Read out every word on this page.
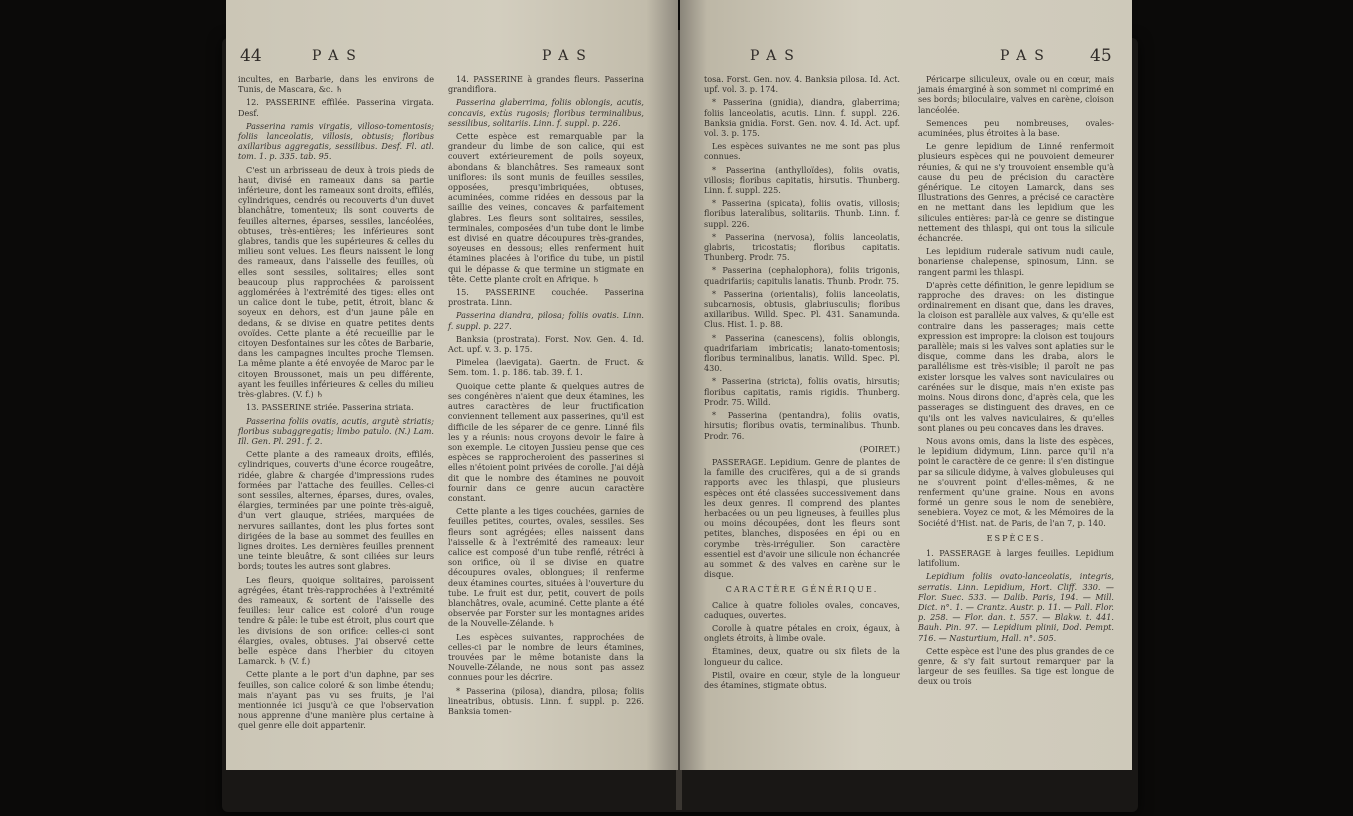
44	PAS	PAS

incultes, en Barbarie, dans les environs de Tunis, de Mascara, &c. ♄

12. PASSERINE effilée. Passerina virgata. Desf.

Passerina ramis virgatis, villoso-tomentosis; foliis lanceolatis, villosis, obtusis; floribus axillaribus aggregatis, sessilibus. Desf. Fl. atl. tom. 1. p. 335. tab. 95.

C'est un arbrisseau de deux à trois pieds de haut, divisé en rameaux dans sa partie inférieure, dont les rameaux sont droits, effilés, cylindriques, cendrés ou recouverts d'un duvet blanchâtre, tomenteux; ils sont couverts de feuilles alternes, éparses, sessiles, lancéolées, obtuses, très-entières; les inférieures sont glabres, tandis que les supérieures & celles du milieu sont velues. Les fleurs naissent le long des rameaux, dans l'aisselle des feuilles, où elles sont sessiles, solitaires; elles sont beaucoup plus rapprochées & paroissent agglomérées à l'extrémité des tiges: elles ont un calice dont le tube, petit, étroit, blanc & soyeux en dehors, est d'un jaune pâle en dedans, & se divise en quatre petites dents ovoïdes. Cette plante a été recueillie par le citoyen Desfontaines sur les côtes de Barbarie, dans les campagnes incultes proche Tlemsen. La même plante a été envoyée de Maroc par le citoyen Broussonet, mais un peu différente, ayant les feuilles inférieures & celles du milieu très-glabres. (V. f.) ♄

13. PASSERINE striée. Passerina striata.

Passerina foliis ovatis, acutis, argutè striatis; floribus subaggregatis; limbo patulo. (N.) Lam. Ill. Gen. Pl. 291. f. 2.

Cette plante a des rameaux droits, effilés, cylindriques, couverts d'une écorce rougeâtre, ridée, glabre & chargée d'impressions rudes formées par l'attache des feuilles. Celles-ci sont sessiles, alternes, éparses, dures, ovales, élargies, terminées par une pointe très-aiguë, d'un vert glauque, striées, marquées de nervures saillantes, dont les plus fortes sont dirigées de la base au sommet des feuilles en lignes droites. Les dernières feuilles prennent une teinte bleuâtre, & sont ciliées sur leurs bords; toutes les autres sont glabres.

Les fleurs, quoique solitaires, paroissent agrégées, étant très-rapprochées à l'extrémité des rameaux, & sortent de l'aisselle des feuilles: leur calice est coloré d'un rouge tendre & pâle: le tube est étroit, plus court que les divisions de son orifice: celles-ci sont élargies, ovales, obtuses. J'ai observé cette belle espèce dans l'herbier du citoyen Lamarck. ♄ (V. f.)

Cette plante a le port d'un daphne, par ses feuilles, son calice coloré & son limbe étendu; mais n'ayant pas vu ses fruits, je l'ai mentionnée ici jusqu'à ce que l'observation nous apprenne d'une manière plus certaine à quel genre elle doit appartenir.

14. PASSERINE à grandes fleurs. Passerina grandiflora.

Passerina glaberrima, foliis oblongis, acutis, concavis, extùs rugosis; floribus terminalibus, sessilibus, solitariis. Linn. f. suppl. p. 226.

Cette espèce est remarquable par la grandeur du limbe de son calice, qui est couvert extérieurement de poils soyeux, abondans & blanchâtres. Ses rameaux sont uniflores: ils sont munis de feuilles sessiles, opposées, presqu'imbriquées, obtuses, acuminées, comme ridées en dessous par la saillie des veines, concaves & parfaitement glabres. Les fleurs sont solitaires, sessiles, terminales, composées d'un tube dont le limbe est divisé en quatre découpures très-grandes, soyeuses en dessous; elles renferment huit étamines placées à l'orifice du tube, un pistil qui le dépasse & que termine un stigmate en tête. Cette plante croît en Afrique. ♄

15. PASSERINE couchée. Passerina prostrata. Linn.

Passerina diandra, pilosa; foliis ovatis. Linn. f. suppl. p. 227.

Banksia (prostrata). Forst. Nov. Gen. 4. Id. Act. upf. v. 3. p. 175.

Pimelea (laevigata). Gaertn. de Fruct. & Sem. tom. 1. p. 186. tab. 39. f. 1.

Quoique cette plante & quelques autres de ses congénères n'aient que deux étamines, les autres caractères de leur fructification conviennent tellement aux passerines, qu'il est difficile de les séparer de ce genre. Linné fils les y a réunis: nous croyons devoir le faire à son exemple. Le citoyen Jussieu pense que ces espèces se rapprocheroient des passerines si elles n'étoient point privées de corolle. J'ai déjà dit que le nombre des étamines ne pouvoit fournir dans ce genre aucun caractère constant.

Cette plante a les tiges couchées, garnies de feuilles petites, courtes, ovales, sessiles. Ses fleurs sont agrégées; elles naissent dans l'aisselle & à l'extrémité des rameaux: leur calice est composé d'un tube renflé, rétréci à son orifice, où il se divise en quatre découpures ovales, oblongues; il renferme deux étamines courtes, situées à l'ouverture du tube. Le fruit est dur, petit, couvert de poils blanchâtres, ovale, acuminé. Cette plante a été observée par Forster sur les montagnes arides de la Nouvelle-Zélande. ♄

Les espèces suivantes, rapprochées de celles-ci par le nombre de leurs étamines, trouvées par le même botaniste dans la Nouvelle-Zélande, ne nous sont pas assez connues pour les décrire.

* Passerina (pilosa), diandra, pilosa; foliis lineatribus, obtusis. Linn. f. suppl. p. 226. Banksia tomen-

PAS	PAS 45

tosa. Forst. Gen. nov. 4. Banksia pilosa. Id. Act. upf. vol. 3. p. 174.

* Passerina (gnidia), diandra, glaberrima; foliis lanceolatis, acutis. Linn. f. suppl. 226. Banksia gnidia. Forst. Gen. nov. 4. Id. Act. upf. vol. 3. p. 175.

Les espèces suivantes ne me sont pas plus connues.

* Passerina (anthylloïdes), foliis ovatis, villosis; floribus capitatis, hirsutis. Thunberg. Linn. f. suppl. 225.

* Passerina (spicata), foliis ovatis, villosis; floribus lateralibus, solitariis. Thunb. Linn. f. suppl. 226.

* Passerina (nervosa), foliis lanceolatis, glabris, tricostatis; floribus capitatis. Thunberg. Prodr. 75.

* Passerina (cephalophora), foliis trigonis, quadrifariis; capitulis lanatis. Thunb. Prodr. 75.

* Passerina (orientalis), foliis lanceolatis, subcarnosis, obtusis, glabriusculis; floribus axillaribus. Willd. Spec. Pl. 431. Sanamunda. Clus. Hist. 1. p. 88.

* Passerina (canescens), foliis oblongis, quadrifariam imbricatis; lanato-tomentosis; floribus terminalibus, lanatis. Willd. Spec. Pl. 430.

* Passerina (stricta), foliis ovatis, hirsutis; floribus capitatis, ramis rigidis. Thunberg. Prodr. 75. Willd.

* Passerina (pentandra), foliis ovatis, hirsutis; floribus ovatis, terminalibus. Thunb. Prodr. 76.

(POIRET.)

PASSERAGE. Lepidium. Genre de plantes de la famille des crucifères, qui a de si grands rapports avec les thlaspi, que plusieurs espèces ont été classées successivement dans les deux genres. Il comprend des plantes herbacées ou un peu ligneuses, à feuilles plus ou moins découpées, dont les fleurs sont petites, blanches, disposées en épi ou en corymbe très-irrégulier. Son caractère essentiel est d'avoir une silicule non échancrée au sommet & des valves en carène sur le disque.

CARACTÈRE GÉNÉRIQUE.

Calice à quatre folioles ovales, concaves, caduques, ouvertes.

Corolle à quatre pétales en croix, égaux, à onglets étroits, à limbe ovale.

Étamines, deux, quatre ou six filets de la longueur du calice.

Pistil, ovaire en cœur, style de la longueur des étamines, stigmate obtus.

Péricarpe siliculeux, ovale ou en cœur, mais jamais émarginé à son sommet ni comprimé en ses bords; biloculaire, valves en carène, cloison lancéolée.

Semences peu nombreuses, ovales-acuminées, plus étroites à la base.

Le genre lepidium de Linné renfermoit plusieurs espèces qui ne pouvoient demeurer réunies, & qui ne s'y trouvoient ensemble qu'à cause du peu de précision du caractère générique. Le citoyen Lamarck, dans ses Illustrations des Genres, a précisé ce caractère en ne mettant dans les lepidium que les silicules entières: par-là ce genre se distingue nettement des thlaspi, qui ont tous la silicule échancrée.

Les lepidium ruderale sativum nudi caule, bonariense chalepense, spinosum, Linn. se rangent parmi les thlaspi.

D'après cette définition, le genre lepidium se rapproche des draves: on les distingue ordinairement en disant que, dans les draves, la cloison est parallèle aux valves, & qu'elle est contraire dans les passerages; mais cette expression est impropre: la cloison est toujours parallèle; mais si les valves sont aplaties sur le disque, comme dans les draba, alors le parallélisme est très-visible; il paroît ne pas exister lorsque les valves sont naviculaires ou carénées sur le disque, mais n'en existe pas moins. Nous dirons donc, d'après cela, que les passerages se distinguent des draves, en ce qu'ils ont les valves naviculaires, & qu'elles sont planes ou peu concaves dans les draves.

Nous avons omis, dans la liste des espèces, le lepidium didymum, Linn. parce qu'il n'a point le caractère de ce genre: il s'en distingue par sa silicule didyme, à valves globuleuses qui ne s'ouvrent point d'elles-mêmes, & ne renferment qu'une graine. Nous en avons formé un genre sous le nom de senebière, senebiera. Voyez ce mot, & les Mémoires de la Société d'Hist. nat. de Paris, de l'an 7, p. 140.

ESPÈCES.

1. PASSERAGE à larges feuilles. Lepidium latifolium.

Lepidium foliis ovato-lanceolatis, integris, serratis. Linn. Lepidium, Hort. Cliff. 330. — Flor. Suec. 533. — Dalib. Paris, 194. — Mill. Dict. n°. 1. — Crantz. Austr. p. 11. — Pall. Flor. p. 258. — Flor. dan. t. 557. — Blakw. t. 441. Bauh. Pin. 97. — Lepidium plinii, Dod. Pempt. 716. — Nasturtium, Hall. n°. 505.

Cette espèce est l'une des plus grandes de ce genre, & s'y fait surtout remarquer par la largeur de ses feuilles. Sa tige est longue de deux ou trois
